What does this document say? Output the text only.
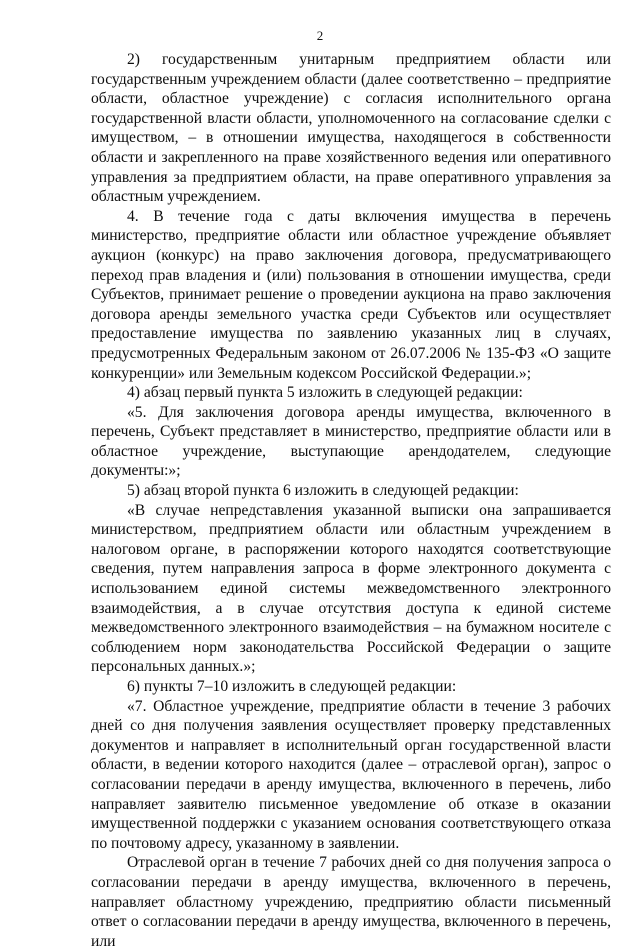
2

2) государственным унитарным предприятием области или государственным учреждением области (далее соответственно – предприятие области, областное учреждение) с согласия исполнительного органа государственной власти области, уполномоченного на согласование сделки с имуществом, – в отношении имущества, находящегося в собственности области и закрепленного на праве хозяйственного ведения или оперативного управления за предприятием области, на праве оперативного управления за областным учреждением.

4. В течение года с даты включения имущества в перечень министерство, предприятие области или областное учреждение объявляет аукцион (конкурс) на право заключения договора, предусматривающего переход прав владения и (или) пользования в отношении имущества, среди Субъектов, принимает решение о проведении аукциона на право заключения договора аренды земельного участка среди Субъектов или осуществляет предоставление имущества по заявлению указанных лиц в случаях, предусмотренных Федеральным законом от 26.07.2006 № 135-ФЗ «О защите конкуренции» или Земельным кодексом Российской Федерации.»;

4) абзац первый пункта 5 изложить в следующей редакции:

«5. Для заключения договора аренды имущества, включенного в перечень, Субъект представляет в министерство, предприятие области или в областное учреждение, выступающие арендодателем, следующие документы:»;

5) абзац второй пункта 6 изложить в следующей редакции:

«В случае непредставления указанной выписки она запрашивается министерством, предприятием области или областным учреждением в налоговом органе, в распоряжении которого находятся соответствующие сведения, путем направления запроса в форме электронного документа с использованием единой системы межведомственного электронного взаимодействия, а в случае отсутствия доступа к единой системе межведомственного электронного взаимодействия – на бумажном носителе с соблюдением норм законодательства Российской Федерации о защите персональных данных.»;

6) пункты 7–10 изложить в следующей редакции:

«7. Областное учреждение, предприятие области в течение 3 рабочих дней со дня получения заявления осуществляет проверку представленных документов и направляет в исполнительный орган государственной власти области, в ведении которого находится (далее – отраслевой орган), запрос о согласовании передачи в аренду имущества, включенного в перечень, либо направляет заявителю письменное уведомление об отказе в оказании имущественной поддержки с указанием основания соответствующего отказа по почтовому адресу, указанному в заявлении.

Отраслевой орган в течение 7 рабочих дней со дня получения запроса о согласовании передачи в аренду имущества, включенного в перечень, направляет областному учреждению, предприятию области письменный ответ о согласовании передачи в аренду имущества, включенного в перечень, или
